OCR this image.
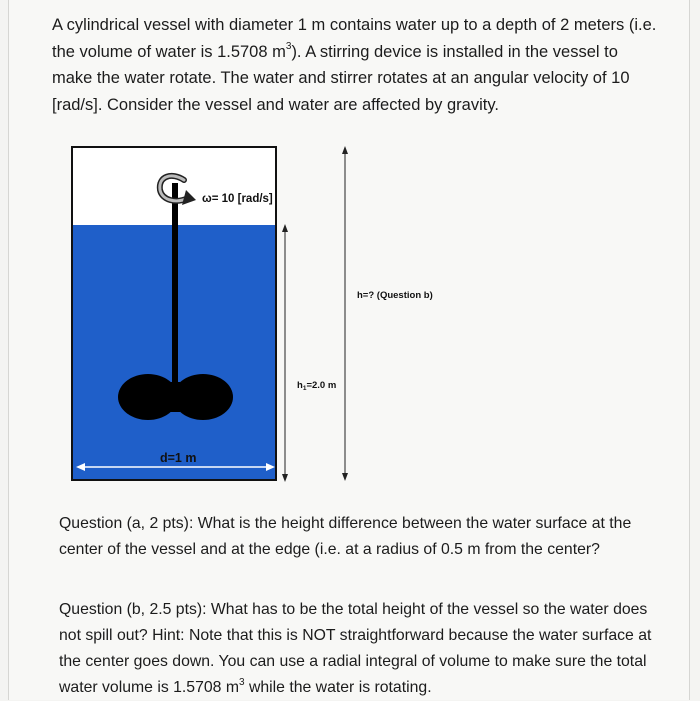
A cylindrical vessel with diameter 1 m contains water up to a depth of 2 meters (i.e. the volume of water is 1.5708 $m^3$). A stirring device is installed in the vessel to make the water rotate. The water and stirrer rotates at an angular velocity of 10 [rad/s]. Consider the vessel and water are affected by gravity.

ω= 10 [rad/s]
$h_1=2.0$ m
h=? (Question b)
d=1 m

Question (a, 2 pts): What is the height difference between the water surface at the center of the vessel and at the edge (i.e. at a radius of 0.5 m from the center?

Question (b, 2.5 pts): What has to be the total height of the vessel so the water does not spill out? Hint: Note that this is NOT straightforward because the water surface at the center goes down. You can use a radial integral of volume to make sure the total water volume is 1.5708 $m^3$ while the water is rotating.
